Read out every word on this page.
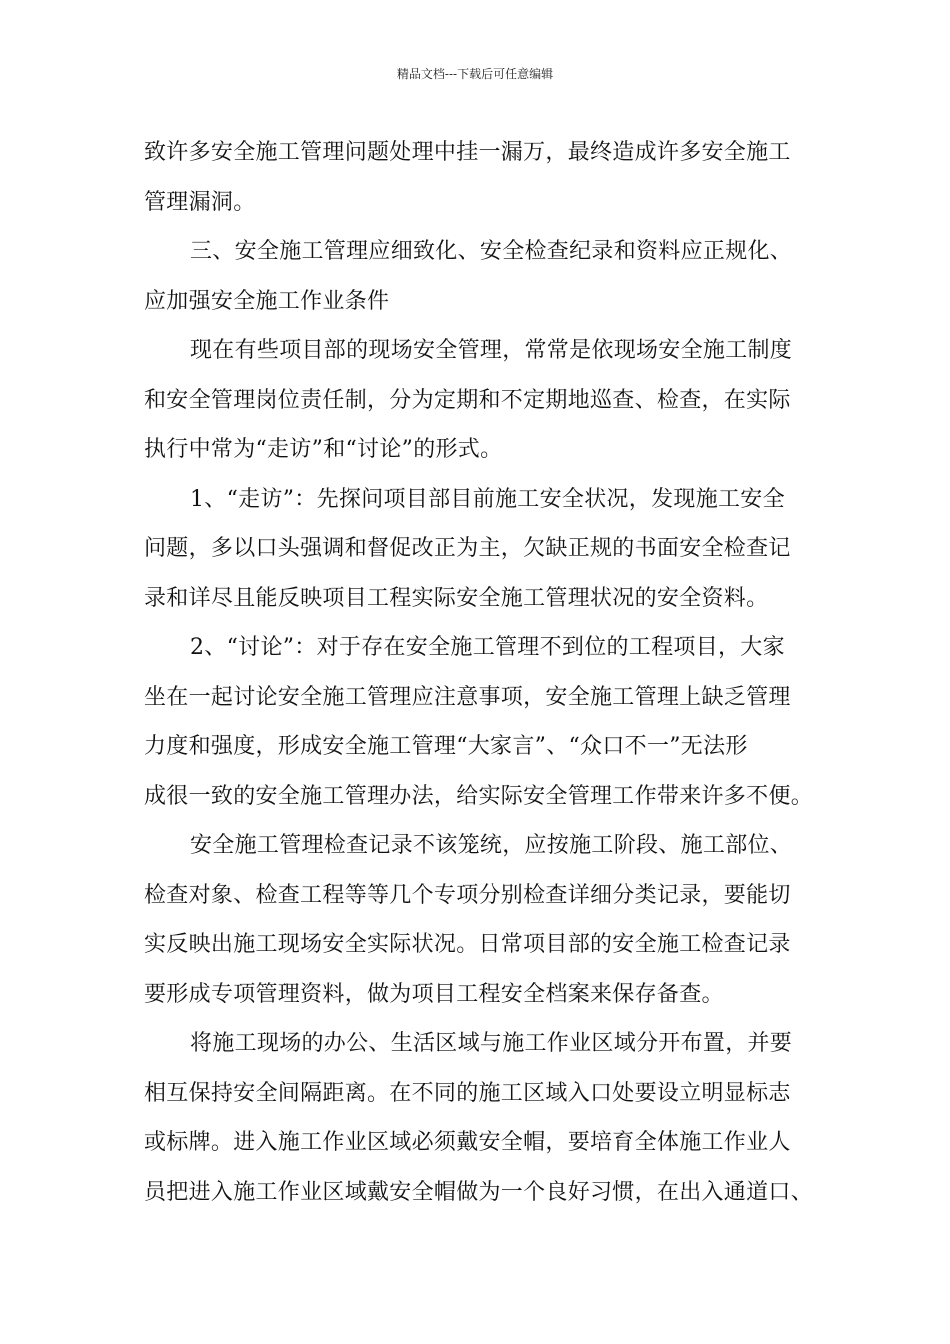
精品文档---下载后可任意编辑
致许多安全施工管理问题处理中挂一漏万，最终造成许多安全施工
管理漏洞。
三、安全施工管理应细致化、安全检查纪录和资料应正规化、
应加强安全施工作业条件
现在有些项目部的现场安全管理，常常是依现场安全施工制度
和安全管理岗位责任制，分为定期和不定期地巡查、检查，在实际
执行中常为“走访”和“讨论”的形式。
1、“走访”：先探问项目部目前施工安全状况，发现施工安全
问题，多以口头强调和督促改正为主，欠缺正规的书面安全检查记
录和详尽且能反映项目工程实际安全施工管理状况的安全资料。
2、“讨论”：对于存在安全施工管理不到位的工程项目，大家
坐在一起讨论安全施工管理应注意事项，安全施工管理上缺乏管理
力度和强度，形成安全施工管理“大家言”、“众口不一”无法形
成很一致的安全施工管理办法，给实际安全管理工作带来许多不便。
安全施工管理检查记录不该笼统，应按施工阶段、施工部位、
检查对象、检查工程等等几个专项分别检查详细分类记录，要能切
实反映出施工现场安全实际状况。日常项目部的安全施工检查记录
要形成专项管理资料，做为项目工程安全档案来保存备查。
将施工现场的办公、生活区域与施工作业区域分开布置，并要
相互保持安全间隔距离。在不同的施工区域入口处要设立明显标志
或标牌。进入施工作业区域必须戴安全帽，要培育全体施工作业人
员把进入施工作业区域戴安全帽做为一个良好习惯，在出入通道口、
